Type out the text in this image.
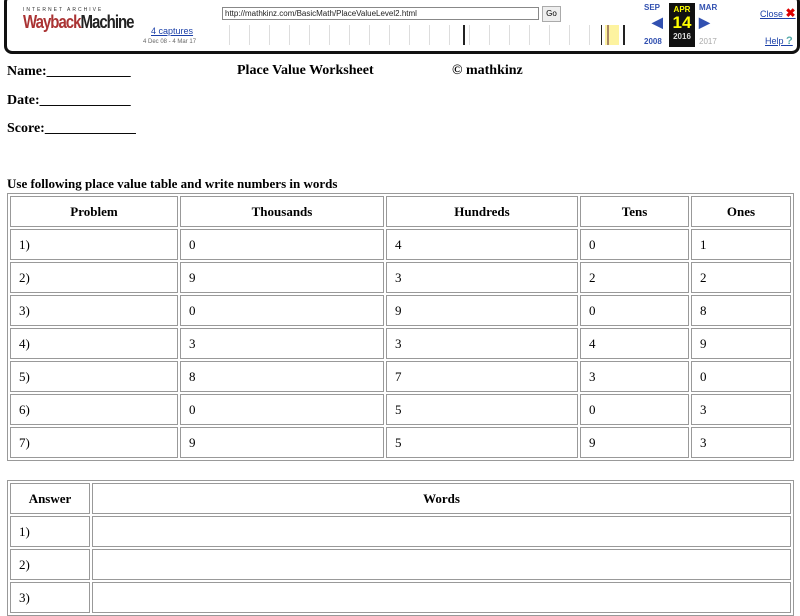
INTERNET ARCHIVE
WaybackMachine	http://mathkinz.com/BasicMath/PlaceValueLevel2.html	Go
4 captures
4 Dec 08 - 4 Mar 17
SEP
◀
2008
APR
14
2016
MAR
▶
2017
Close ✖
Help ?
Name:____________	Place Value Worksheet	© mathkinz
Date:_____________
Score:_____________
Use following place value table and write numbers in words
Problem	Thousands	Hundreds	Tens	Ones
1)	0	4	0	1
2)	9	3	2	2
3)	0	9	0	8
4)	3	3	4	9
5)	8	7	3	0
6)	0	5	0	3
7)	9	5	9	3
Answer	Words
1)	
2)	
3)	
